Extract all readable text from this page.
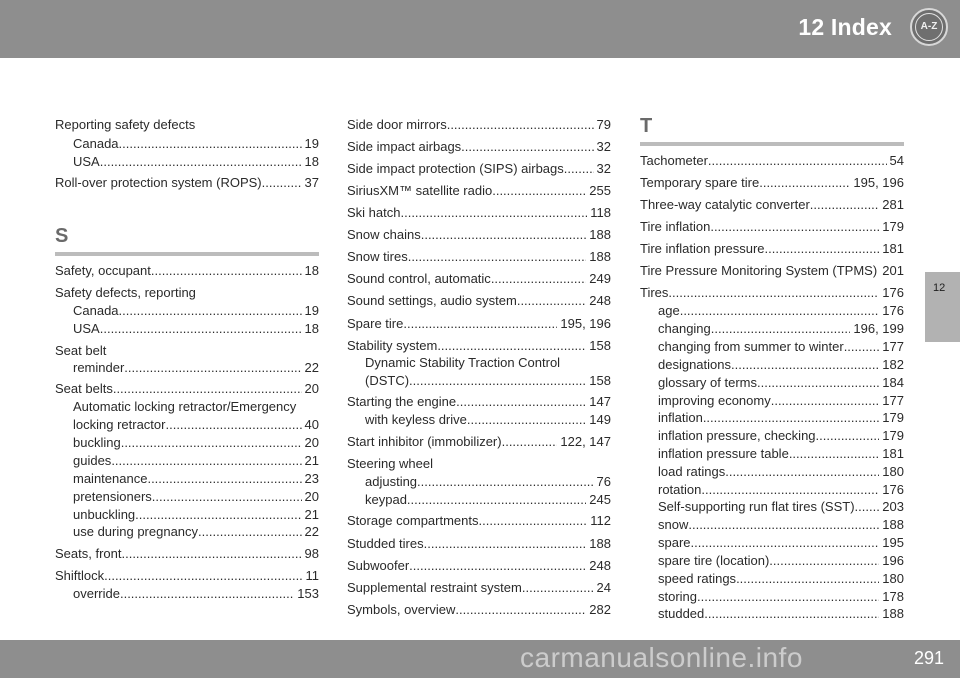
12 Index	A-Z
12
Reporting safety defects
Canada .....	19
USA .....	18
Roll-over protection system (ROPS) .....	37
S
Safety, occupant .....	18
Safety defects, reporting
Canada .....	19
USA .....	18
Seat belt
reminder .....	22
Seat belts .....	20
Automatic locking retractor/Emergency
locking retractor .....	40
buckling .....	20
guides .....	21
maintenance .....	23
pretensioners .....	20
unbuckling .....	21
use during pregnancy .....	22
Seats, front .....	98
Shiftlock .....	11
override .....	153
Side door mirrors .....	79
Side impact airbags .....	32
Side impact protection (SIPS) airbags .....	32
SiriusXM™ satellite radio .....	255
Ski hatch .....	118
Snow chains .....	188
Snow tires .....	188
Sound control, automatic .....	249
Sound settings, audio system .....	248
Spare tire .....	195, 196
Stability system .....	158
Dynamic Stability Traction Control
(DSTC) .....	158
Starting the engine .....	147
with keyless drive .....	149
Start inhibitor (immobilizer) .....	122, 147
Steering wheel
adjusting .....	76
keypad .....	245
Storage compartments .....	112
Studded tires .....	188
Subwoofer .....	248
Supplemental restraint system .....	24
Symbols, overview .....	282
T
Tachometer .....	54
Temporary spare tire .....	195, 196
Three-way catalytic converter .....	281
Tire inflation .....	179
Tire inflation pressure .....	181
Tire Pressure Monitoring System (TPMS) 201
Tires .....	176
age .....	176
changing .....	196, 199
changing from summer to winter .....	177
designations .....	182
glossary of terms .....	184
improving economy .....	177
inflation .....	179
inflation pressure, checking .....	179
inflation pressure table .....	181
load ratings .....	180
rotation .....	176
Self-supporting run flat tires (SST) ..... 203
snow .....	188
spare .....	195
spare tire (location) .....	196
speed ratings .....	180
storing .....	178
studded .....	188
291
carmanualsonline.info
